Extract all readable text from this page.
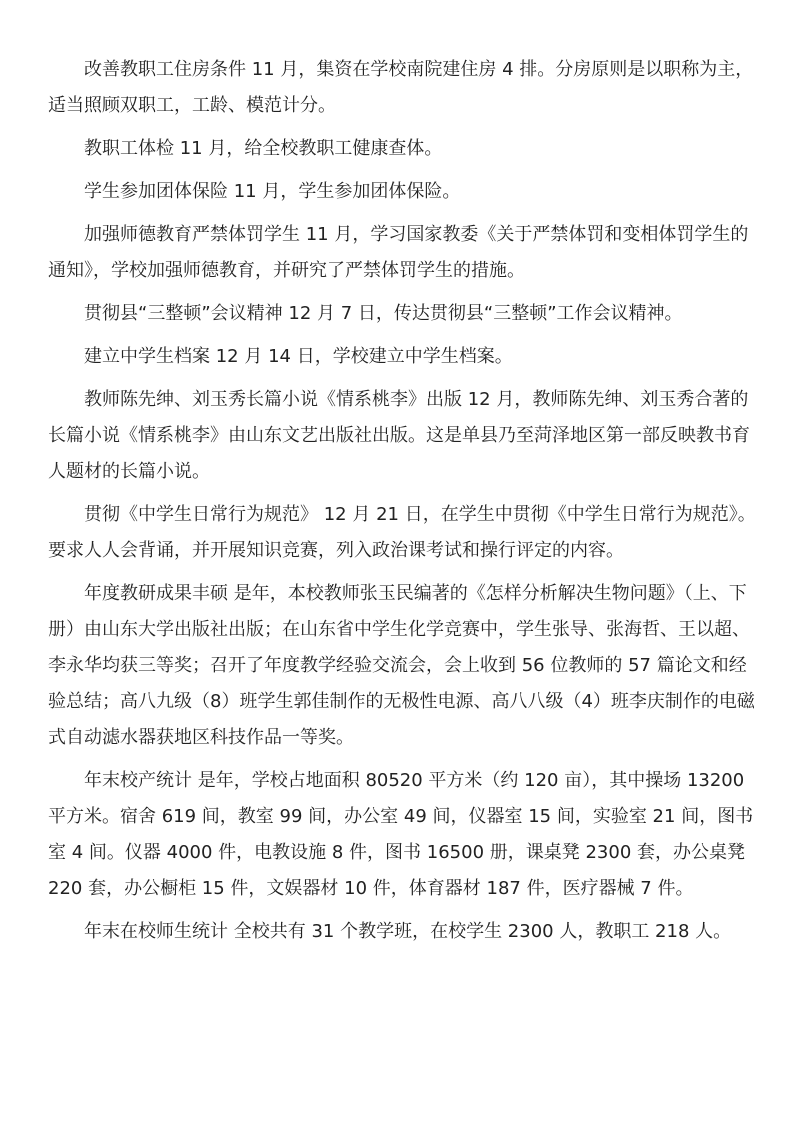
改善教职工住房条件 11 月，集资在学校南院建住房 4 排。分房原则是以职称为主，适当照顾双职工，工龄、模范计分。

教职工体检 11 月，给全校教职工健康查体。

学生参加团体保险 11 月，学生参加团体保险。

加强师德教育严禁体罚学生 11 月，学习国家教委《关于严禁体罚和变相体罚学生的通知》，学校加强师德教育，并研究了严禁体罚学生的措施。

贯彻县“三整顿”会议精神 12 月 7 日，传达贯彻县“三整顿”工作会议精神。

建立中学生档案 12 月 14 日，学校建立中学生档案。

教师陈先绅、刘玉秀长篇小说《情系桃李》出版 12 月，教师陈先绅、刘玉秀合著的长篇小说《情系桃李》由山东文艺出版社出版。这是单县乃至菏泽地区第一部反映教书育人题材的长篇小说。

贯彻《中学生日常行为规范》 12 月 21 日，在学生中贯彻《中学生日常行为规范》。要求人人会背诵，并开展知识竞赛，列入政治课考试和操行评定的内容。

年度教研成果丰硕 是年，本校教师张玉民编著的《怎样分析解决生物问题》（上、下册）由山东大学出版社出版；在山东省中学生化学竞赛中，学生张导、张海哲、王以超、李永华均获三等奖；召开了年度教学经验交流会，会上收到 56 位教师的 57 篇论文和经验总结；高八九级（8）班学生郭佳制作的无极性电源、高八八级（4）班李庆制作的电磁式自动滤水器获地区科技作品一等奖。

年末校产统计 是年，学校占地面积 80520 平方米（约 120 亩），其中操场 13200 平方米。宿舍 619 间，教室 99 间，办公室 49 间，仪器室 15 间，实验室 21 间，图书室 4 间。仪器 4000 件，电教设施 8 件，图书 16500 册，课桌凳 2300 套，办公桌凳 220 套，办公橱柜 15 件，文娱器材 10 件，体育器材 187 件，医疗器械 7 件。

年末在校师生统计 全校共有 31 个教学班，在校学生 2300 人，教职工 218 人。
